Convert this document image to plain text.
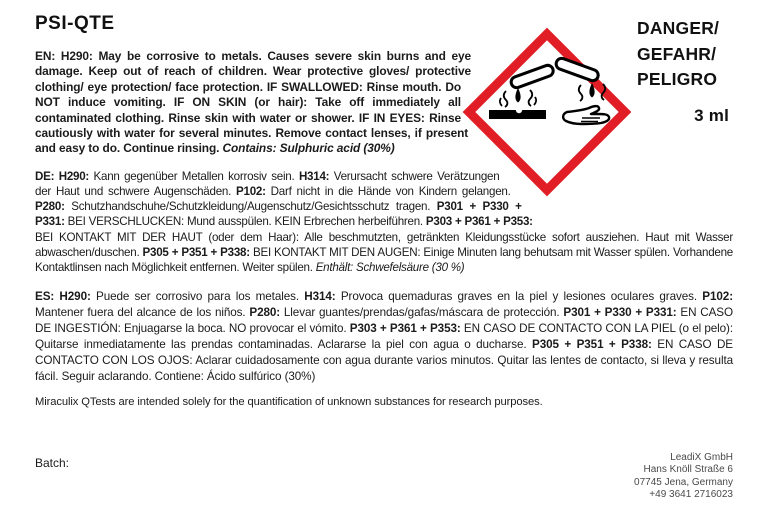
DANGER/
GEFAHR/
PELIGRO
3 ml
PSI-QTE

EN: H290: May be corrosive to metals. Causes severe skin burns and eye damage. Keep out of reach of children. Wear protective gloves/ protective clothing/ eye protection/ face protection. IF SWALLOWED: Rinse mouth. Do NOT induce vomiting. IF ON SKIN (or hair): Take off immediately all contaminated clothing. Rinse skin with water or shower. IF IN EYES: Rinse cautiously with water for several minutes. Remove contact lenses, if present and easy to do. Continue rinsing. Contains: Sulphuric acid (30%)

DE: H290: Kann gegenüber Metallen korrosiv sein. H314: Verursacht schwere Verätzungen der Haut und schwere Augenschäden. P102: Darf nicht in die Hände von Kindern gelangen. P280: Schutzhandschuhe/Schutzkleidung/Augenschutz/Gesichtsschutz tragen. P301 + P330 + P331: BEI VERSCHLUCKEN: Mund ausspülen. KEIN Erbrechen herbeiführen. P303 + P361 + P353: BEI KONTAKT MIT DER HAUT (oder dem Haar): Alle beschmutzten, getränkten Kleidungsstücke sofort ausziehen. Haut mit Wasser abwaschen/duschen. P305 + P351 + P338: BEI KONTAKT MIT DEN AUGEN: Einige Minuten lang behutsam mit Wasser spülen. Vorhandene Kontaktlinsen nach Möglichkeit entfernen. Weiter spülen. Enthält: Schwefelsäure (30 %)

ES: H290: Puede ser corrosivo para los metales. H314: Provoca quemaduras graves en la piel y lesiones oculares graves. P102: Mantener fuera del alcance de los niños. P280: Llevar guantes/prendas/gafas/máscara de protección. P301 + P330 + P331: EN CASO DE INGESTIÓN: Enjuagarse la boca. NO provocar el vómito. P303 + P361 + P353: EN CASO DE CONTACTO CON LA PIEL (o el pelo): Quitarse inmediatamente las prendas contaminadas. Aclararse la piel con agua o ducharse. P305 + P351 + P338: EN CASO DE CONTACTO CON LOS OJOS: Aclarar cuidadosamente con agua durante varios minutos. Quitar las lentes de contacto, si lleva y resulta fácil. Seguir aclarando. Contiene: Ácido sulfúrico (30%)

Miraculix QTests are intended solely for the quantification of unknown substances for research purposes.

Batch:	LeadiX GmbH
Hans Knöll Straße 6
07745 Jena, Germany
+49 3641 2716023
